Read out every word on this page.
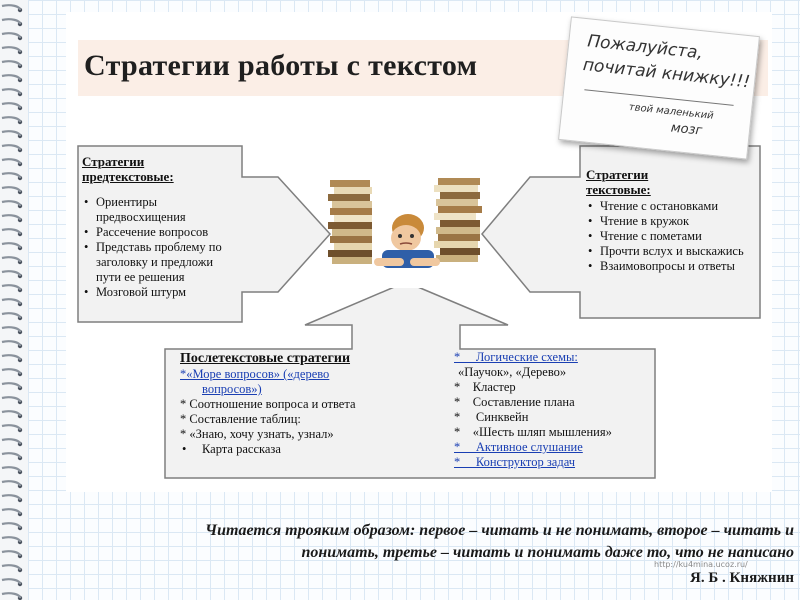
Стратегии работы с текстом
Пожалуйста,
почитай книжку!!!
твой маленький
мозг
Стратегии
предтекстовые:
• Ориентиры предвосхищения
• Рассечение вопросов
• Представь проблему по заголовку и предложи пути ее решения
• Мозговой штурм
Стратегии
текстовые:
• Чтение с остановками
• Чтение в кружок
• Чтение с пометами
• Прочти вслух и выскажись
• Взаимовопросы и ответы
Послетекстовые стратегии
*«Море вопросов» («дерево
вопросов»)
* Соотношение вопроса и ответа
* Составление таблиц:
* «Знаю, хочу узнать, узнал»
•     Карта рассказа
*     Логические схемы:
«Паучок», «Дерево»
*    Кластер
*    Составление плана
*     Синквейн
*    «Шесть шляп мышления»
*     Активное слушание
*     Конструктор задач
Читается трояким образом: первое – читать и не понимать, второе – читать и
понимать, третье – читать и понимать даже то, что не написано
http://ku4mina.ucoz.ru/
Я. Б . Княжнин
